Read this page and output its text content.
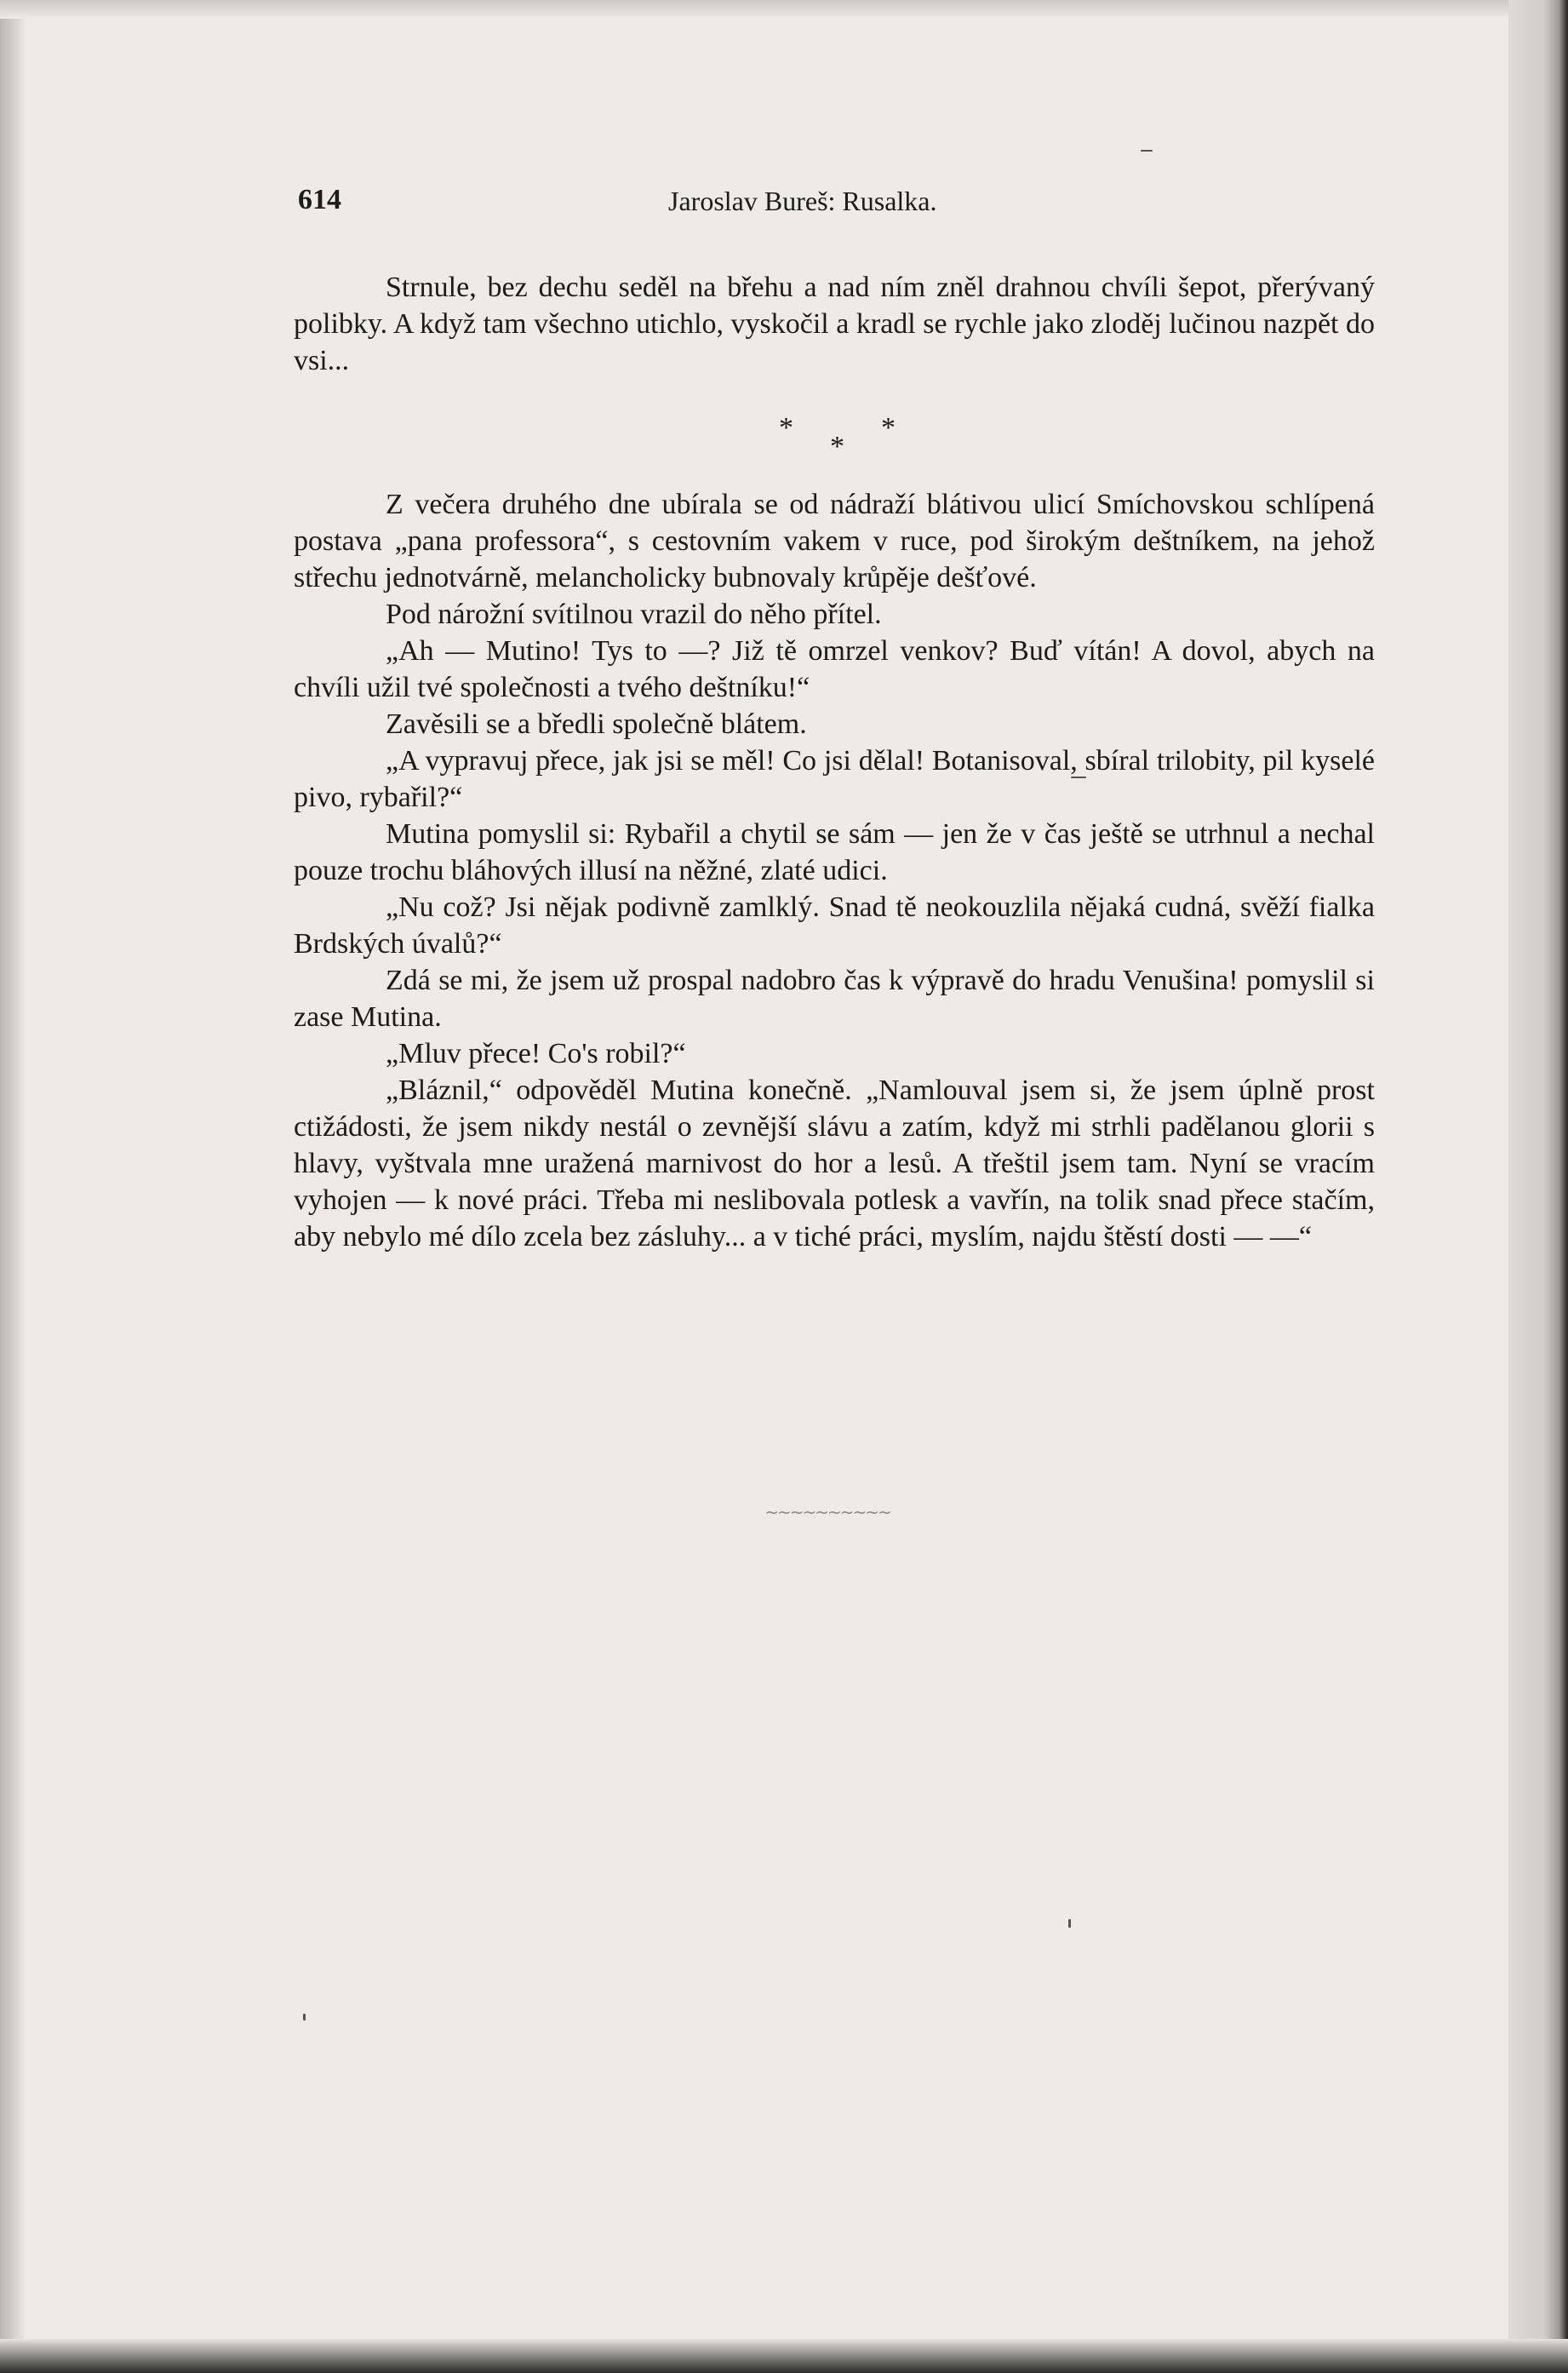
614	Jaroslav Bureš: Rusalka.

Strnule, bez dechu seděl na břehu a nad ním zněl drahnou chvíli šepot, přerývaný polibky. A když tam všechno utichlo, vyskočil a kradl se rychle jako zloděj lučinou nazpět do vsi...

*	*
*

Z večera druhého dne ubírala se od nádraží blátivou ulicí Smíchovskou schlípená postava „pana professora“, s cestovním vakem v ruce, pod širokým deštníkem, na jehož střechu jednotvárně, melancholicky bubnovaly krůpěje dešťové.

Pod nárožní svítilnou vrazil do něho přítel.

„Ah — Mutino! Tys to —? Již tě omrzel venkov? Buď vítán! A dovol, abych na chvíli užil tvé společnosti a tvého deštníku!“

Zavěsili se a bředli společně blátem.

„A vypravuj přece, jak jsi se měl! Co jsi dělal! Botanisoval, sbíral trilobity, pil kyselé pivo, rybařil?“

Mutina pomyslil si: Rybařil a chytil se sám — jen že v čas ještě se utrhnul a nechal pouze trochu bláhových illusí na něžné, zlaté udici.

„Nu což? Jsi nějak podivně zamlklý. Snad tě neokouzlila nějaká cudná, svěží fialka Brdských úvalů?“

Zdá se mi, že jsem už prospal nadobro čas k výpravě do hradu Venušina! pomyslil si zase Mutina.

„Mluv přece! Co's robil?“

„Bláznil,“ odpověděl Mutina konečně. „Namlouval jsem si, že jsem úplně prost ctižádosti, že jsem nikdy nestál o zevnější slávu a zatím, když mi strhli padělanou glorii s hlavy, vyštvala mne uražená marnivost do hor a lesů. A třeštil jsem tam. Nyní se vracím vyhojen — k nové práci. Třeba mi neslibovala potlesk a vavřín, na tolik snad přece stačím, aby nebylo mé dílo zcela bez zásluhy... a v tiché práci, myslím, najdu štěstí dosti — —“

~~~~~~~~~~
